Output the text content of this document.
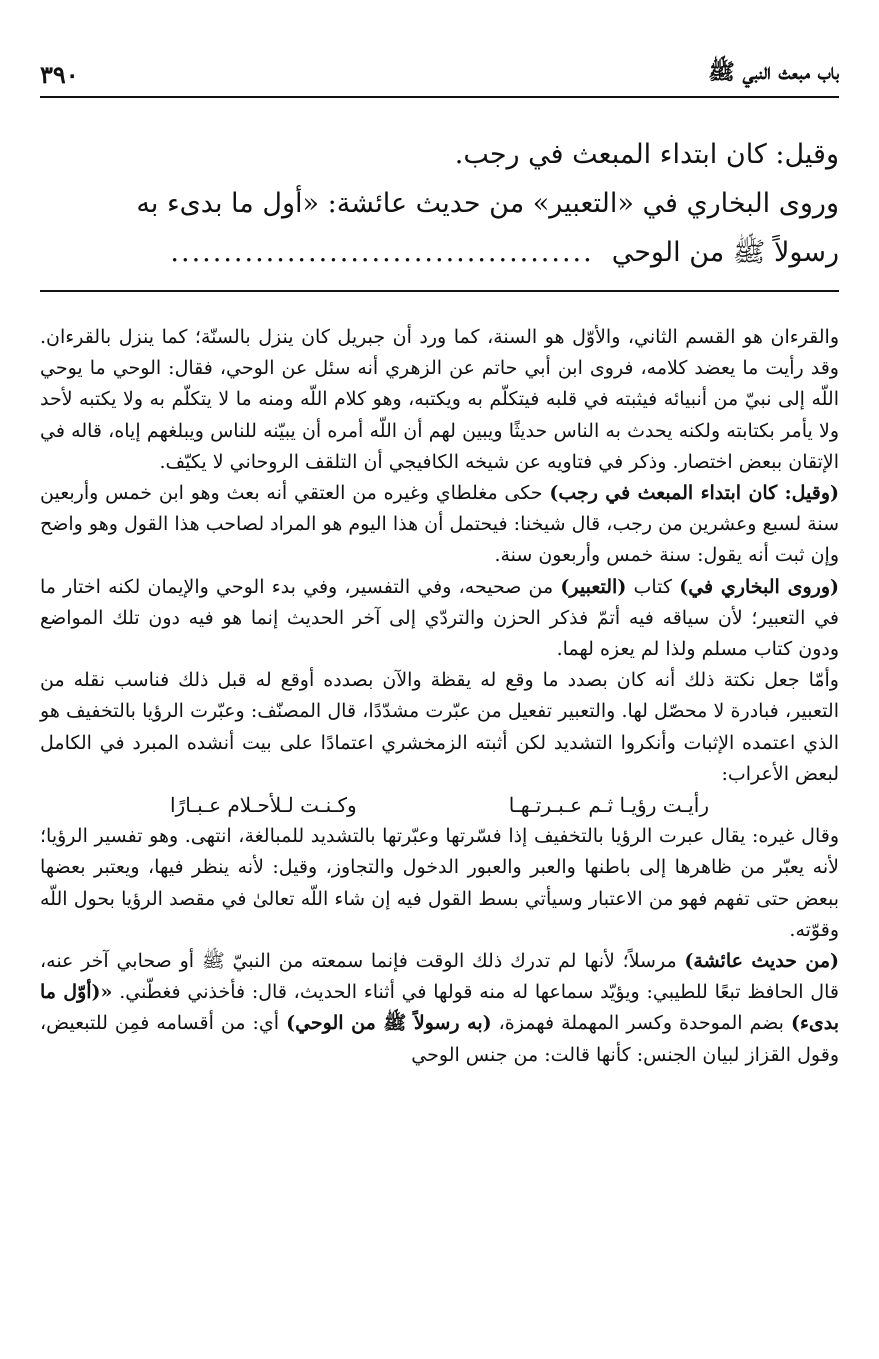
باب مبعث النبي ﷺ
٣٩٠

وقيل: كان ابتداء المبعث في رجب.

وروى البخاري في «التعبير» من حديث عائشة: «أول ما بدىء به

رسولاً ﷺ من الوحي
........................................

والقرءان هو القسم الثاني، والأوّل هو السنة، كما ورد أن جبريل كان ينزل بالسنّة؛ كما ينزل بالقرءان. وقد رأيت ما يعضد كلامه، فروى ابن أبي حاتم عن الزهري أنه سئل عن الوحي، فقال: الوحي ما يوحي اللّه إلى نبيّ من أنبيائه فيثبته في قلبه فيتكلّم به ويكتبه، وهو كلام اللّه ومنه ما لا يتكلّم به ولا يكتبه لأحد ولا يأمر بكتابته ولكنه يحدث به الناس حديثًا ويبين لهم أن اللّه أمره أن يبيّنه للناس ويبلغهم إياه، قاله في الإتقان ببعض اختصار. وذكر في فتاويه عن شيخه الكافيجي أن التلقف الروحاني لا يكيّف.

(وقيل: كان ابتداء المبعث في رجب) حكى مغلطاي وغيره من العتقي أنه بعث وهو ابن خمس وأربعين سنة لسبع وعشرين من رجب، قال شيخنا: فيحتمل أن هذا اليوم هو المراد لصاحب هذا القول وهو واضح وإن ثبت أنه يقول: سنة خمس وأربعون سنة.

(وروى البخاري في) كتاب (التعبير) من صحيحه، وفي التفسير، وفي بدء الوحي والإيمان لكنه اختار ما في التعبير؛ لأن سياقه فيه أتمّ فذكر الحزن والتردّي إلى آخر الحديث إنما هو فيه دون تلك المواضع ودون كتاب مسلم ولذا لم يعزه لهما.

وأمّا جعل نكتة ذلك أنه كان بصدد ما وقع له يقظة والآن بصدده أوقع له قبل ذلك فناسب نقله من التعبير، فبادرة لا محصّل لها. والتعبير تفعيل من عبّرت مشدّدًا، قال المصنّف: وعبّرت الرؤيا بالتخفيف هو الذي اعتمده الإثبات وأنكروا التشديد لكن أثبته الزمخشري اعتمادًا على بيت أنشده المبرد في الكامل لبعض الأعراب:

رأيـت رؤيـا ثـم عـبـرتـهـا
وكـنـت لـلأحـلام عـبـارًا

وقال غيره: يقال عبرت الرؤيا بالتخفيف إذا فسّرتها وعبّرتها بالتشديد للمبالغة، انتهى. وهو تفسير الرؤيا؛ لأنه يعبّر من ظاهرها إلى باطنها والعبر والعبور الدخول والتجاوز، وقيل: لأنه ينظر فيها، ويعتبر بعضها ببعض حتى تفهم فهو من الاعتبار وسيأتي بسط القول فيه إن شاء اللّه تعالىٰ في مقصد الرؤيا بحول اللّه وقوّته.

(من حديث عائشة) مرسلاً؛ لأنها لم تدرك ذلك الوقت فإنما سمعته من النبيّ ﷺ أو صحابي آخر عنه، قال الحافظ تبعًا للطيبي: ويؤيّد سماعها له منه قولها في أثناء الحديث، قال: فأخذني فغطّني. «(أوّل ما بدىء) بضم الموحدة وكسر المهملة فهمزة، (به رسولاً ﷺ من الوحي) أي: من أقسامه فمِن للتبعيض، وقول القزاز لبيان الجنس: كأنها قالت: من جنس الوحي
